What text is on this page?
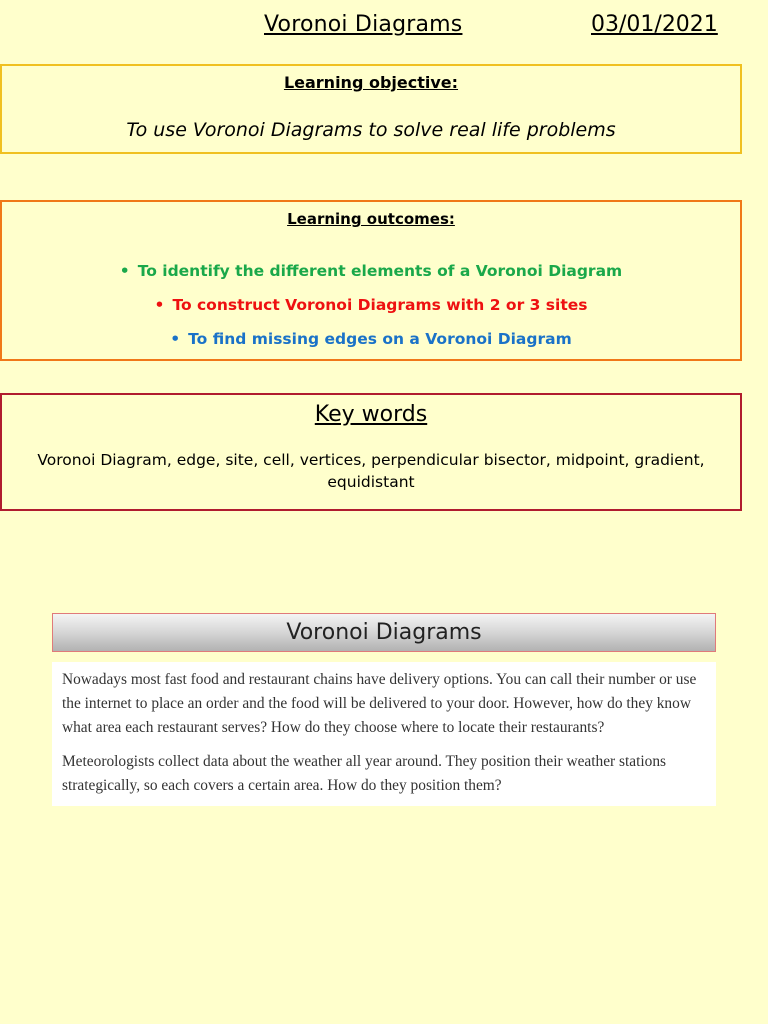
Voronoi Diagrams	03/01/2021
Learning objective:
To use Voronoi Diagrams to solve real life problems
Learning outcomes:
• To identify the different elements of a Voronoi Diagram
• To construct Voronoi Diagrams with 2 or 3 sites
• To find missing edges on a Voronoi Diagram
Key words
Voronoi Diagram, edge, site, cell, vertices, perpendicular bisector, midpoint, gradient, equidistant
Voronoi Diagrams

Nowadays most fast food and restaurant chains have delivery options. You can call their number or use the internet to place an order and the food will be delivered to your door. However, how do they know what area each restaurant serves? How do they choose where to locate their restaurants?

Meteorologists collect data about the weather all year around. They position their weather stations strategically, so each covers a certain area. How do they position them?
